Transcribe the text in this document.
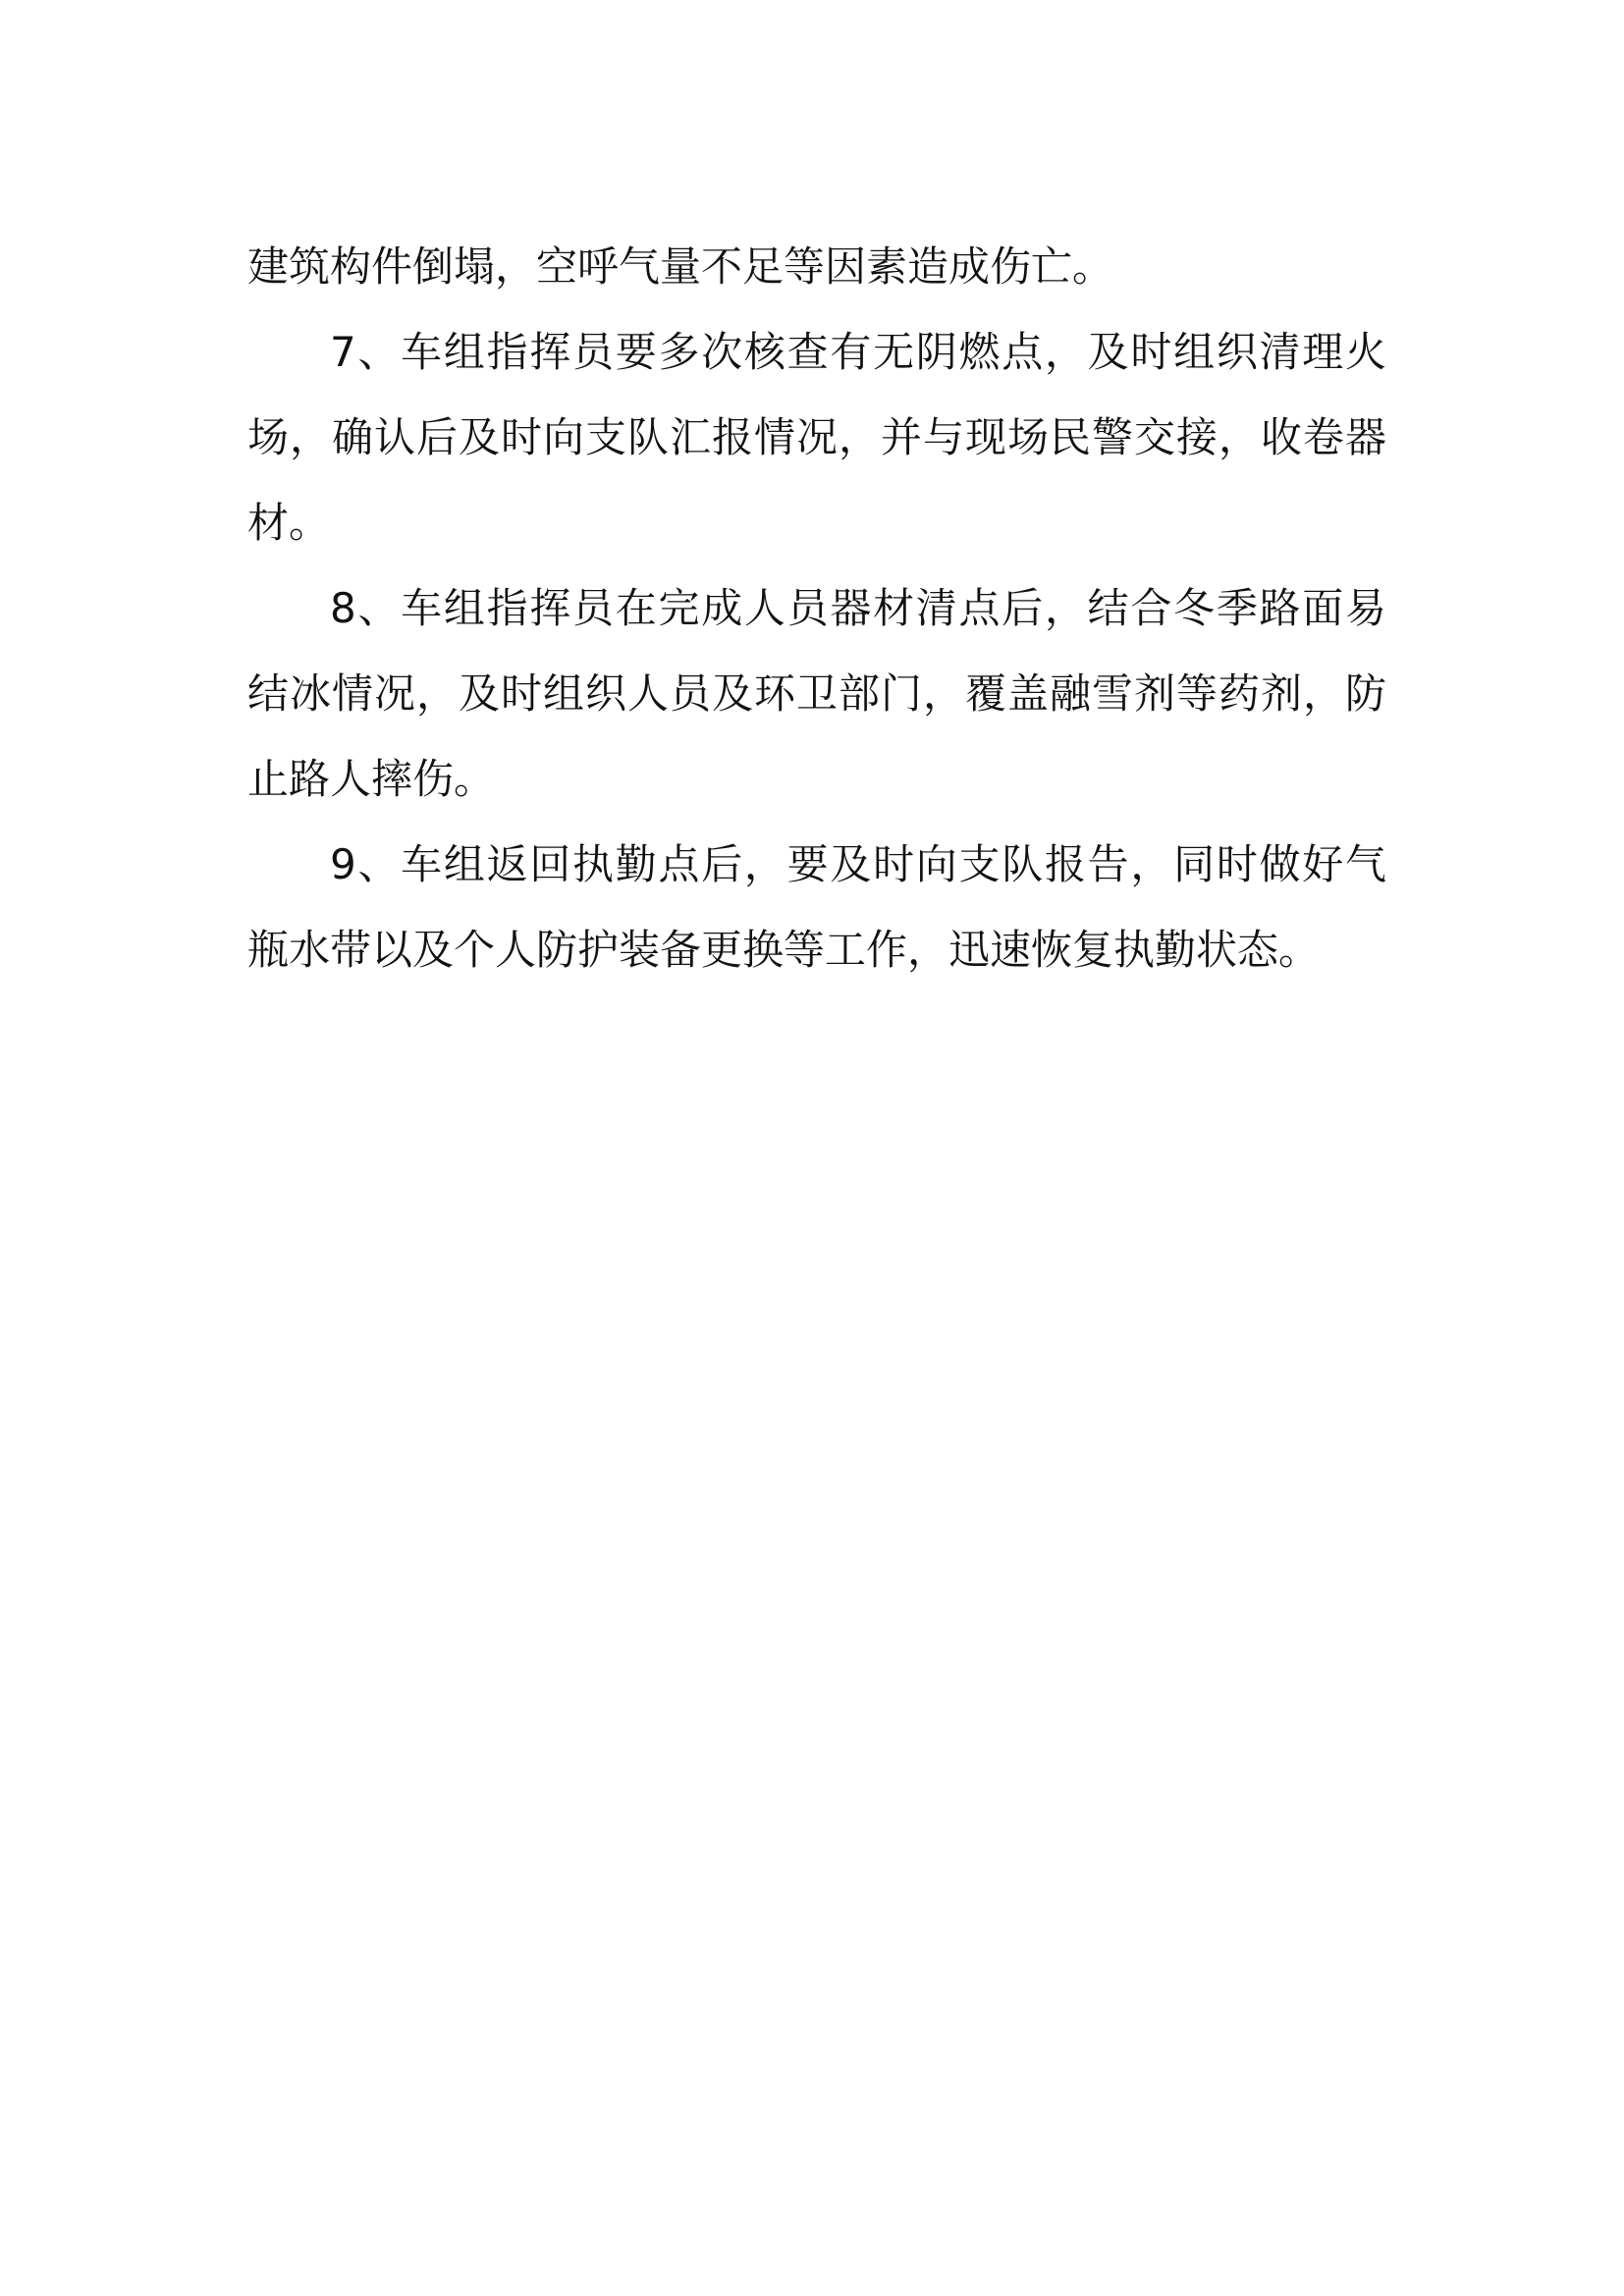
建筑构件倒塌，空呼气量不足等因素造成伤亡。

7、车组指挥员要多次核查有无阴燃点，及时组织清理火场，确认后及时向支队汇报情况，并与现场民警交接，收卷器材。

8、车组指挥员在完成人员器材清点后，结合冬季路面易结冰情况，及时组织人员及环卫部门，覆盖融雪剂等药剂，防止路人摔伤。

9、车组返回执勤点后，要及时向支队报告，同时做好气瓶水带以及个人防护装备更换等工作，迅速恢复执勤状态。
